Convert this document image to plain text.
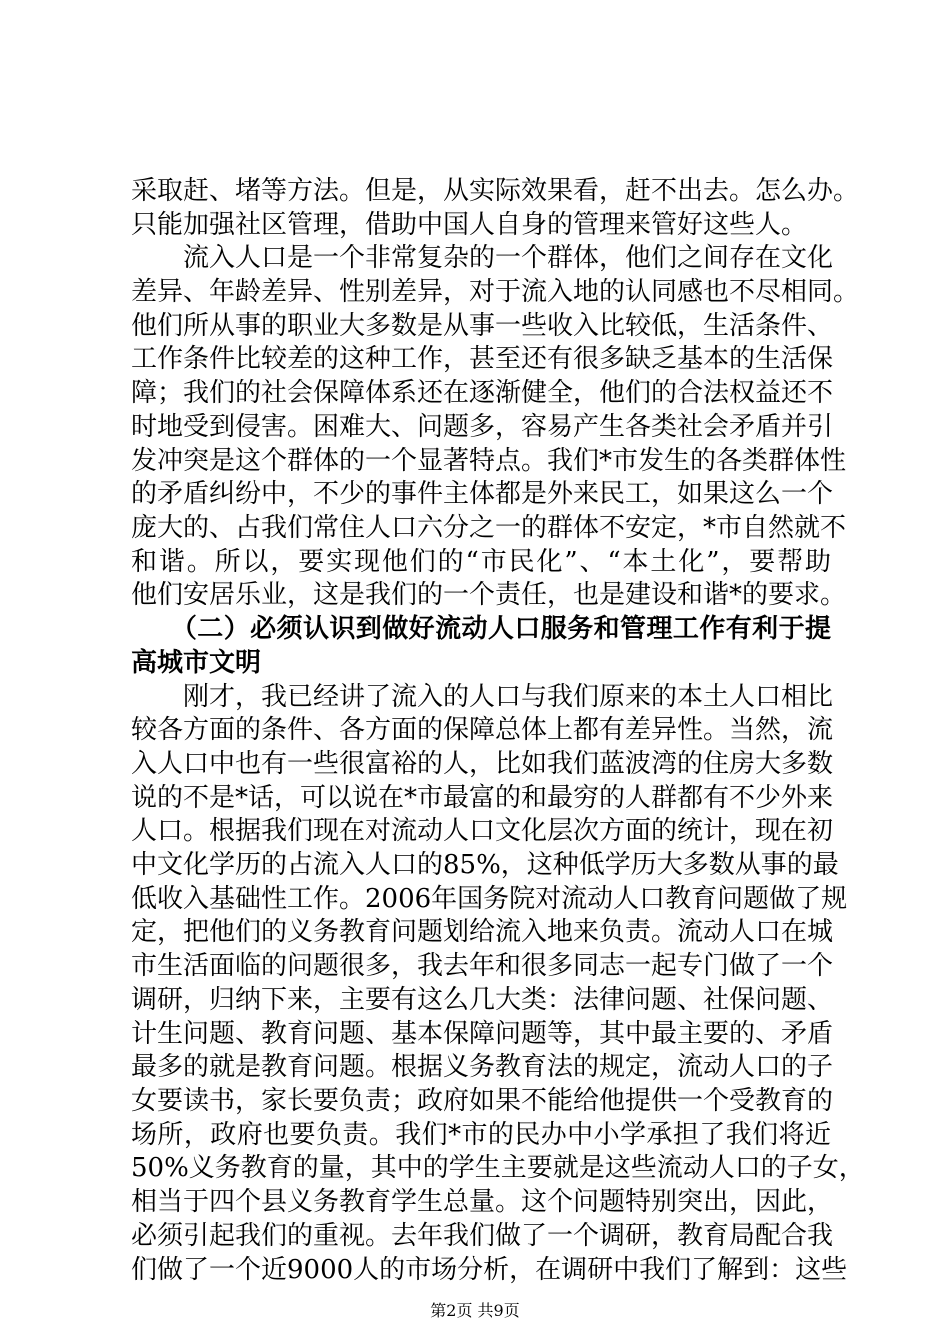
采取赶、堵等方法。但是，从实际效果看，赶不出去。怎么办。
只能加强社区管理，借助中国人自身的管理来管好这些人。
　　流入人口是一个非常复杂的一个群体，他们之间存在文化
差异、年龄差异、性别差异，对于流入地的认同感也不尽相同。
他们所从事的职业大多数是从事一些收入比较低，生活条件、
工作条件比较差的这种工作，甚至还有很多缺乏基本的生活保
障；我们的社会保障体系还在逐渐健全，他们的合法权益还不
时地受到侵害。困难大、问题多，容易产生各类社会矛盾并引
发冲突是这个群体的一个显著特点。我们*市发生的各类群体性
的矛盾纠纷中，不少的事件主体都是外来民工，如果这么一个
庞大的、占我们常住人口六分之一的群体不安定，*市自然就不
和谐。所以，要实现他们的“市民化”、“本土化”，要帮助
他们安居乐业，这是我们的一个责任，也是建设和谐*的要求。
　　（二）必须认识到做好流动人口服务和管理工作有利于提
高城市文明
　　刚才，我已经讲了流入的人口与我们原来的本土人口相比
较各方面的条件、各方面的保障总体上都有差异性。当然，流
入人口中也有一些很富裕的人，比如我们蓝波湾的住房大多数
说的不是*话，可以说在*市最富的和最穷的人群都有不少外来
人口。根据我们现在对流动人口文化层次方面的统计，现在初
中文化学历的占流入人口的85%，这种低学历大多数从事的最
低收入基础性工作。2006年国务院对流动人口教育问题做了规
定，把他们的义务教育问题划给流入地来负责。流动人口在城
市生活面临的问题很多，我去年和很多同志一起专门做了一个
调研，归纳下来，主要有这么几大类：法律问题、社保问题、
计生问题、教育问题、基本保障问题等，其中最主要的、矛盾
最多的就是教育问题。根据义务教育法的规定，流动人口的子
女要读书，家长要负责；政府如果不能给他提供一个受教育的
场所，政府也要负责。我们*市的民办中小学承担了我们将近
50%义务教育的量，其中的学生主要就是这些流动人口的子女，
相当于四个县义务教育学生总量。这个问题特别突出，因此，
必须引起我们的重视。去年我们做了一个调研，教育局配合我
们做了一个近9000人的市场分析，在调研中我们了解到：这些
第2页 共9页
